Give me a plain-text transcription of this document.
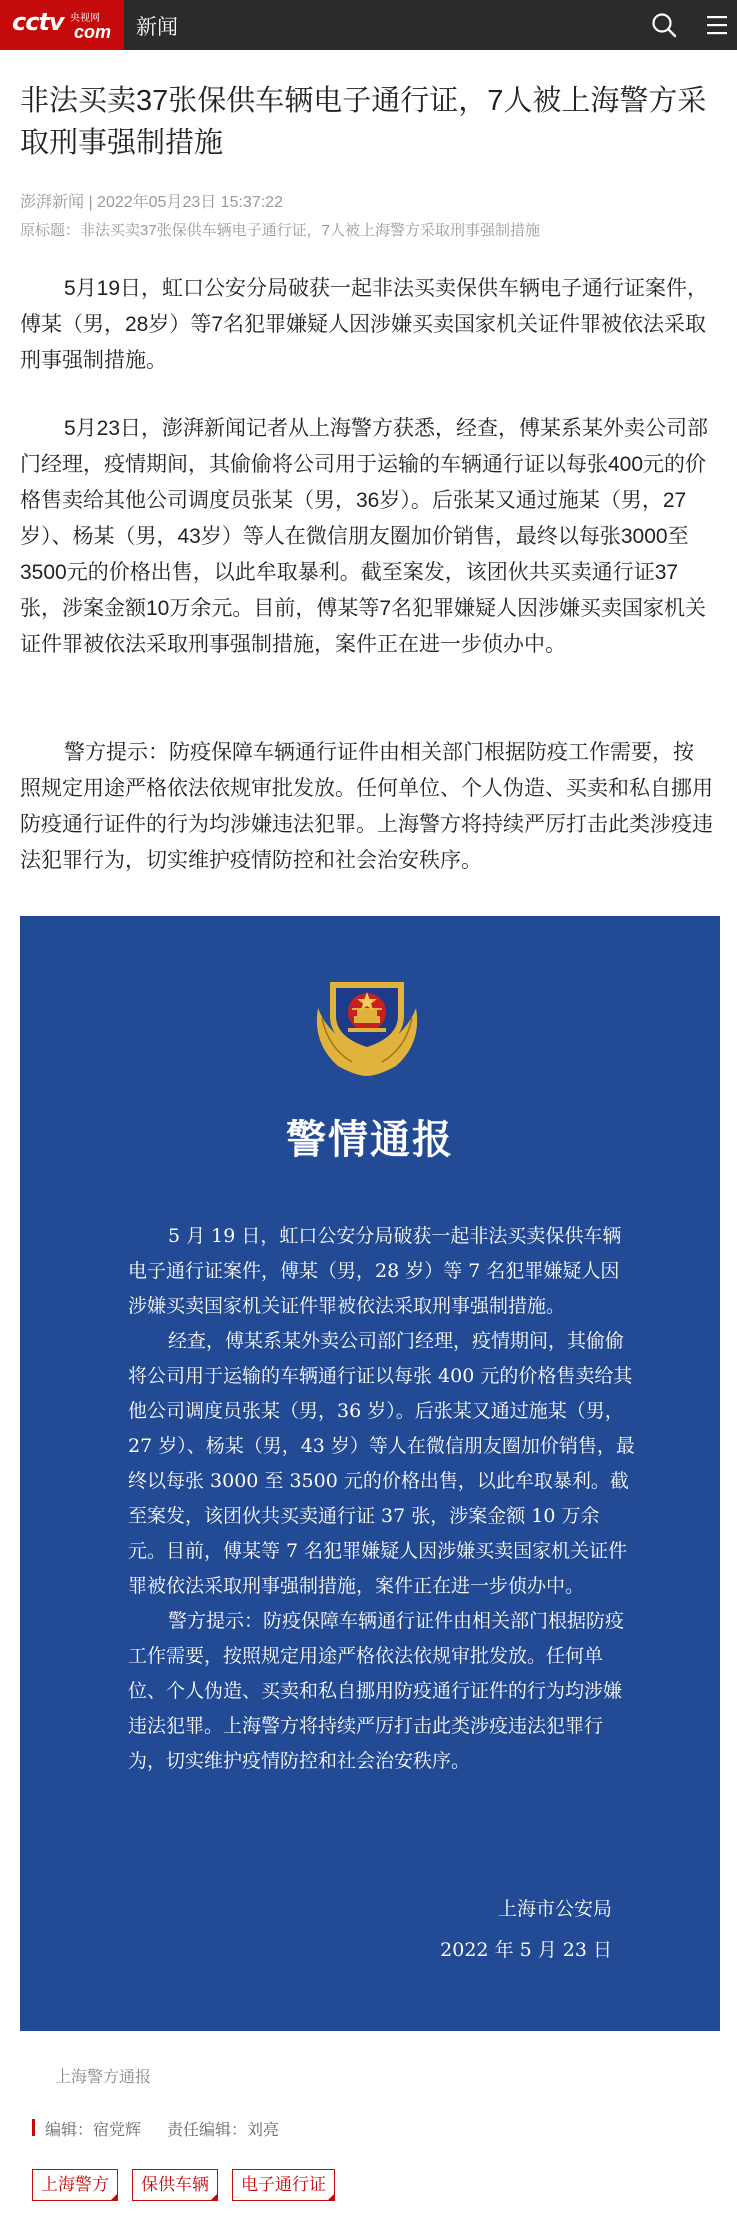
cctv 央视网
com 新闻
非法买卖37张保供车辆电子通行证，7人被上海警方采取刑事强制措施
澎湃新闻 | 2022年05月23日 15:37:22
原标题：非法买卖37张保供车辆电子通行证，7人被上海警方采取刑事强制措施

5月19日，虹口公安分局破获一起非法买卖保供车辆电子通行证案件，傅某（男，28岁）等7名犯罪嫌疑人因涉嫌买卖国家机关证件罪被依法采取刑事强制措施。

5月23日，澎湃新闻记者从上海警方获悉，经查，傅某系某外卖公司部门经理，疫情期间，其偷偷将公司用于运输的车辆通行证以每张400元的价格售卖给其他公司调度员张某（男，36岁）。后张某又通过施某（男，27岁）、杨某（男，43岁）等人在微信朋友圈加价销售，最终以每张3000至3500元的价格出售，以此牟取暴利。截至案发，该团伙共买卖通行证37张，涉案金额10万余元。目前，傅某等7名犯罪嫌疑人因涉嫌买卖国家机关证件罪被依法采取刑事强制措施，案件正在进一步侦办中。

警方提示：防疫保障车辆通行证件由相关部门根据防疫工作需要，按照规定用途严格依法依规审批发放。任何单位、个人伪造、买卖和私自挪用防疫通行证件的行为均涉嫌违法犯罪。上海警方将持续严厉打击此类涉疫违法犯罪行为，切实维护疫情防控和社会治安秩序。

警情通报

5 月 19 日，虹口公安分局破获一起非法买卖保供车辆电子通行证案件，傅某（男，28 岁）等 7 名犯罪嫌疑人因涉嫌买卖国家机关证件罪被依法采取刑事强制措施。

经查，傅某系某外卖公司部门经理，疫情期间，其偷偷将公司用于运输的车辆通行证以每张 400 元的价格售卖给其他公司调度员张某（男，36 岁）。后张某又通过施某（男，27 岁）、杨某（男，43 岁）等人在微信朋友圈加价销售，最终以每张 3000 至 3500 元的价格出售，以此牟取暴利。截至案发，该团伙共买卖通行证 37 张，涉案金额 10 万余元。目前，傅某等 7 名犯罪嫌疑人因涉嫌买卖国家机关证件罪被依法采取刑事强制措施，案件正在进一步侦办中。

警方提示：防疫保障车辆通行证件由相关部门根据防疫工作需要，按照规定用途严格依法依规审批发放。任何单位、个人伪造、买卖和私自挪用防疫通行证件的行为均涉嫌违法犯罪。上海警方将持续严厉打击此类涉疫违法犯罪行为，切实维护疫情防控和社会治安秩序。

上海市公安局
2022 年 5 月 23 日
上海警方通报
编辑：宿党辉 责任编辑：刘亮
上海警方	保供车辆	电子通行证
